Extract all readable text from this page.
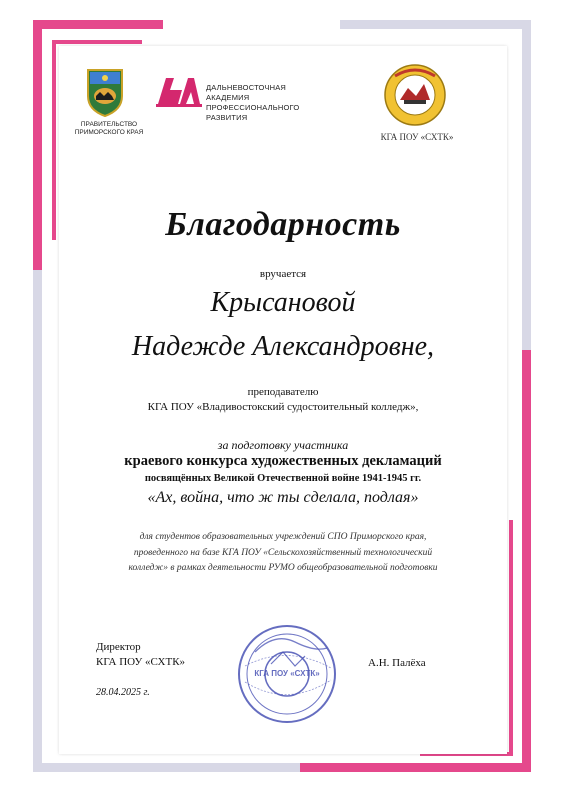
ПРАВИТЕЛЬСТВО ПРИМОРСКОГО КРАЯ
ДАЛЬНЕВОСТОЧНАЯ
АКАДЕМИЯ
ПРОФЕССИОНАЛЬНОГО
РАЗВИТИЯ
КГА ПОУ «СХТК»
Благодарность
вручается
Крысановой
Надежде Александровне,
преподавателю
КГА ПОУ «Владивостокский судостоительный колледж»,
за подготовку участника
краевого конкурса художественных декламаций
посвящённых Великой Отечественной войне 1941-1945 гг.
«Ах, война, что ж ты сделала, подлая»
для студентов образовательных учреждений СПО Приморского края,
проведенного на базе КГА ПОУ «Сельскохозяйственный технологический
колледж» в рамках деятельности РУМО общеобразовательной подготовки
Директор
КГА ПОУ «СХТК»	А.Н. Палёха
28.04.2025 г.
КГА ПОУ «СХТК»
